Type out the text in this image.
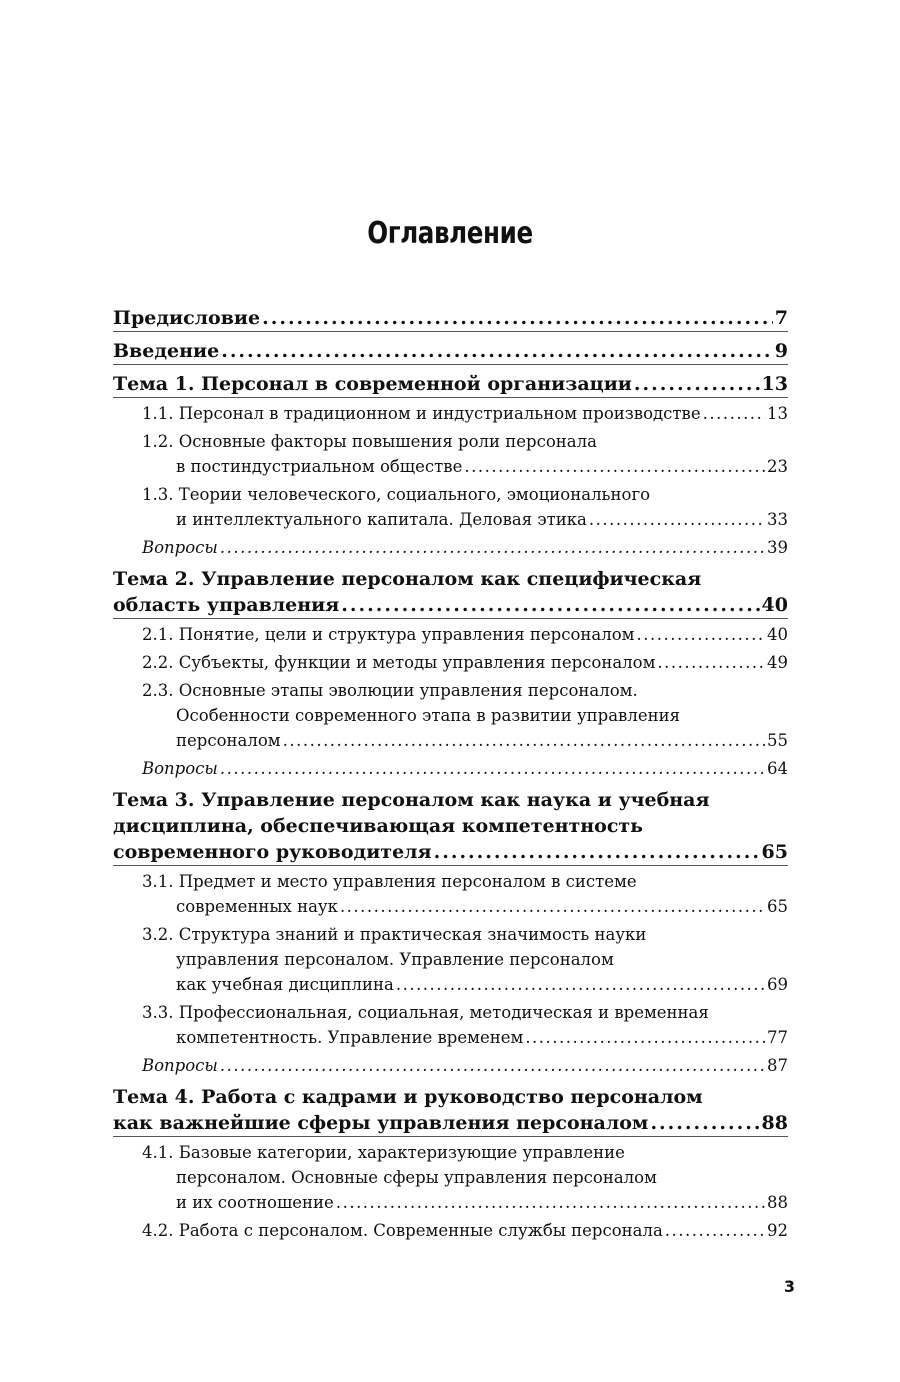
Оглавление
Предисловие .....	7
Введение .....	9
Тема 1. Персонал в современной организации .....	13
1.1. Персонал в традиционном и индустриальном производстве .....	13
1.2. Основные факторы повышения роли персонала
в постиндустриальном обществе .....	23
1.3. Теории человеческого, социального, эмоционального
и интеллектуального капитала. Деловая этика .....	33
Вопросы .....	39
Тема 2. Управление персоналом как специфическая
область управления .....	40
2.1. Понятие, цели и структура управления персоналом .....	40
2.2. Субъекты, функции и методы управления персоналом .....	49
2.3. Основные этапы эволюции управления персоналом.
Особенности современного этапа в развитии управления
персоналом .....	55
Вопросы .....	64
Тема 3. Управление персоналом как наука и учебная
дисциплина, обеспечивающая компетентность
современного руководителя .....	65
3.1. Предмет и место управления персоналом в системе
современных наук .....	65
3.2. Структура знаний и практическая значимость науки
управления персоналом. Управление персоналом
как учебная дисциплина .....	69
3.3. Профессиональная, социальная, методическая и временная
компетентность. Управление временем .....	77
Вопросы .....	87
Тема 4. Работа с кадрами и руководство персоналом
как важнейшие сферы управления персоналом .....	88
4.1. Базовые категории, характеризующие управление
персоналом. Основные сферы управления персоналом
и их соотношение .....	88
4.2. Работа с персоналом. Современные службы персонала .....	92
3
